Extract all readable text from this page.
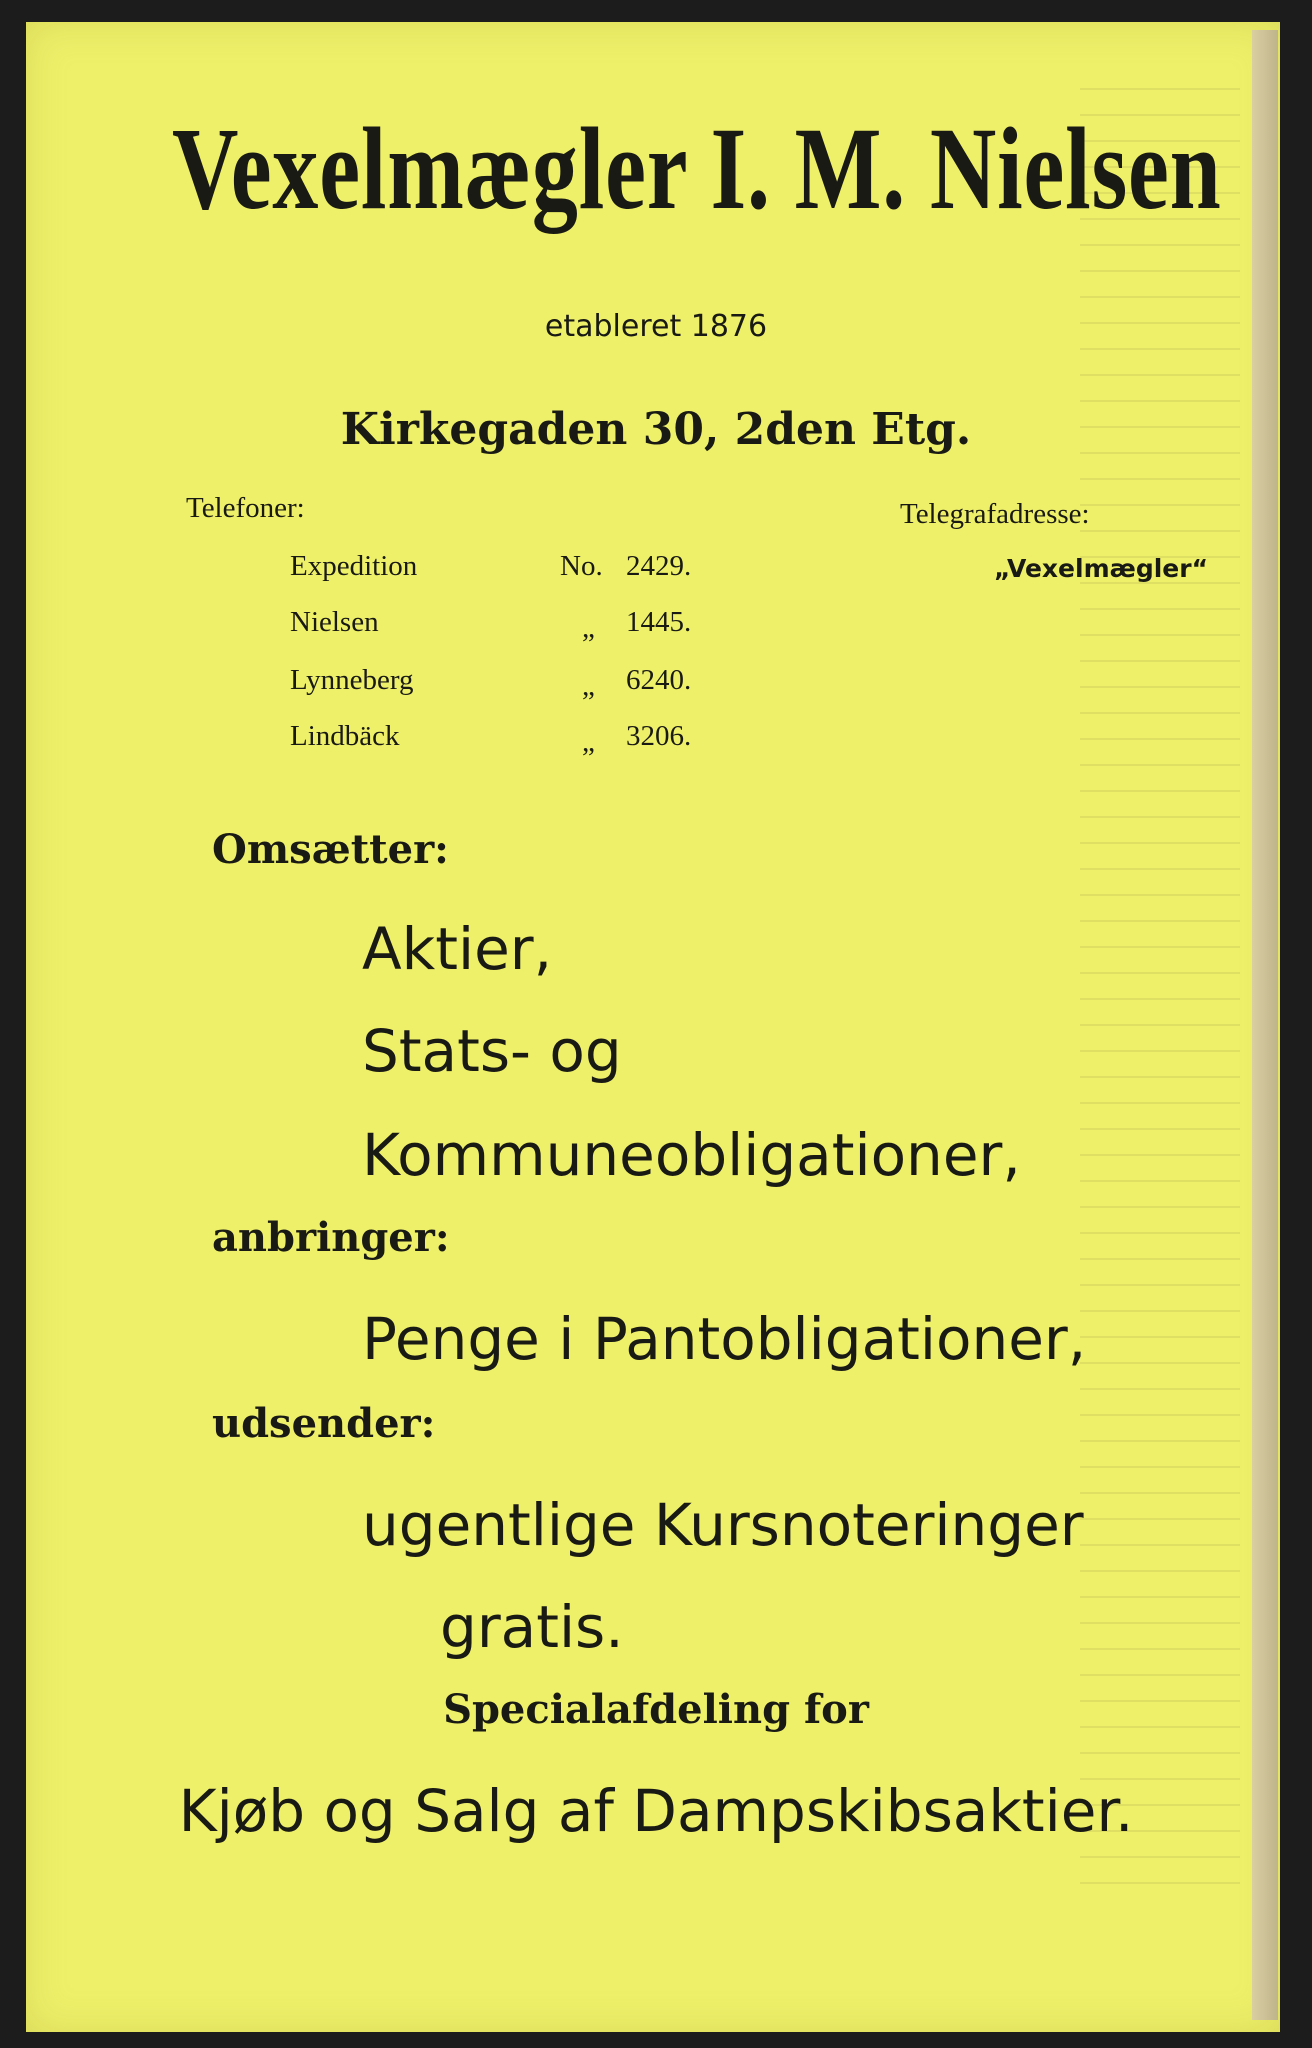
Vexelmægler I. M. Nielsen
etableret 1876
Kirkegaden 30, 2den Etg.
Telefoner:	Telegrafadresse:
„Vexelmægler“
Expedition	No. 2429.
Nielsen	„	1445.
Lynneberg	„	6240.
Lindbäck	„	3206.
Omsætter:
Aktier,
Stats- og
Kommuneobligationer,
anbringer:
Penge i Pantobligationer,
udsender:
ugentlige Kursnoteringer
gratis.
Specialafdeling for
Kjøb og Salg af Dampskibsaktier.
